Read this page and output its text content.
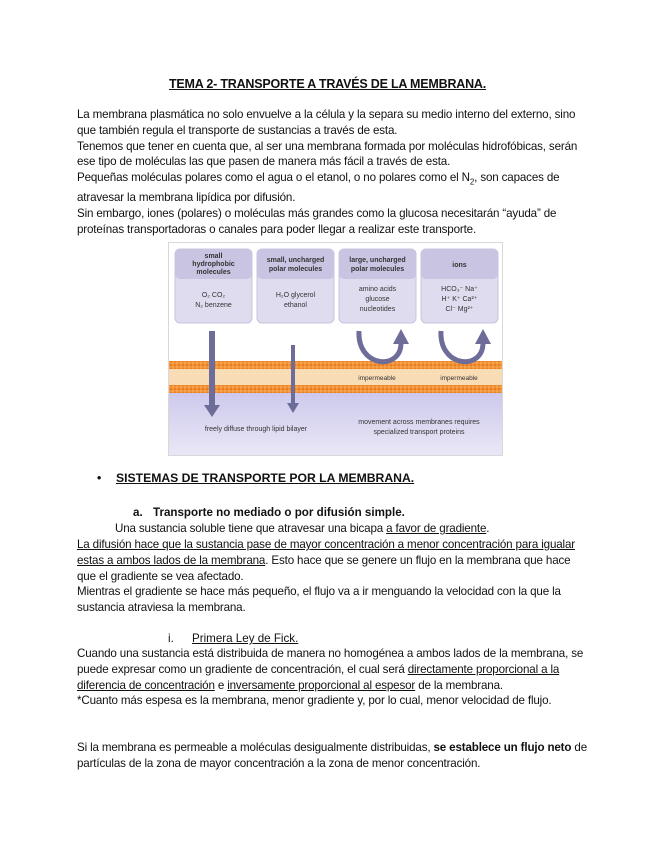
TEMA 2- TRANSPORTE A TRAVÉS DE LA MEMBRANA.

La membrana plasmática no solo envuelve a la célula y la separa su medio interno del externo, sino que también regula el transporte de sustancias a través de esta.

Tenemos que tener en cuenta que, al ser una membrana formada por moléculas hidrofóbicas, serán ese tipo de moléculas las que pasen de manera más fácil a través de esta.

Pequeñas moléculas polares como el agua o el etanol, o no polares como el $N_2$, son capaces de atravesar la membrana lipídica por difusión.

Sin embargo, iones (polares) o moléculas más grandes como la glucosa necesitarán “ayuda” de proteínas transportadoras o canales para poder llegar a realizar este transporte.

small
hydrophobic
molecules
O₂ CO₂
N₂ benzene
small, uncharged
polar molecules
H₂O glycerol
ethanol
large, uncharged
polar molecules
amino acids
glucose
nucleotides
ions
HCO₃⁻ Na⁺
H⁺ K⁺ Ca²⁺
Cl⁻ Mg²⁺
impermeable	impermeable
freely diffuse through lipid bilayer
movement across membranes requires
specialized transport proteins
• SISTEMAS DE TRANSPORTE POR LA MEMBRANA.
a. Transporte no mediado o por difusión simple.
Una sustancia soluble tiene que atravesar una bicapa a favor de gradiente.

La difusión hace que la sustancia pase de mayor concentración a menor concentración para igualar estas a ambos lados de la membrana. Esto hace que se genere un flujo en la membrana que hace que el gradiente se vea afectado.

Mientras el gradiente se hace más pequeño, el flujo va a ir menguando la velocidad con la que la sustancia atraviesa la membrana.

i. Primera Ley de Fick.

Cuando una sustancia está distribuida de manera no homogénea a ambos lados de la membrana, se puede expresar como un gradiente de concentración, el cual será directamente proporcional a la diferencia de concentración e inversamente proporcional al espesor de la membrana.

*Cuanto más espesa es la membrana, menor gradiente y, por lo cual, menor velocidad de flujo.

Si la membrana es permeable a moléculas desigualmente distribuidas, se establece un flujo neto de partículas de la zona de mayor concentración a la zona de menor concentración.
